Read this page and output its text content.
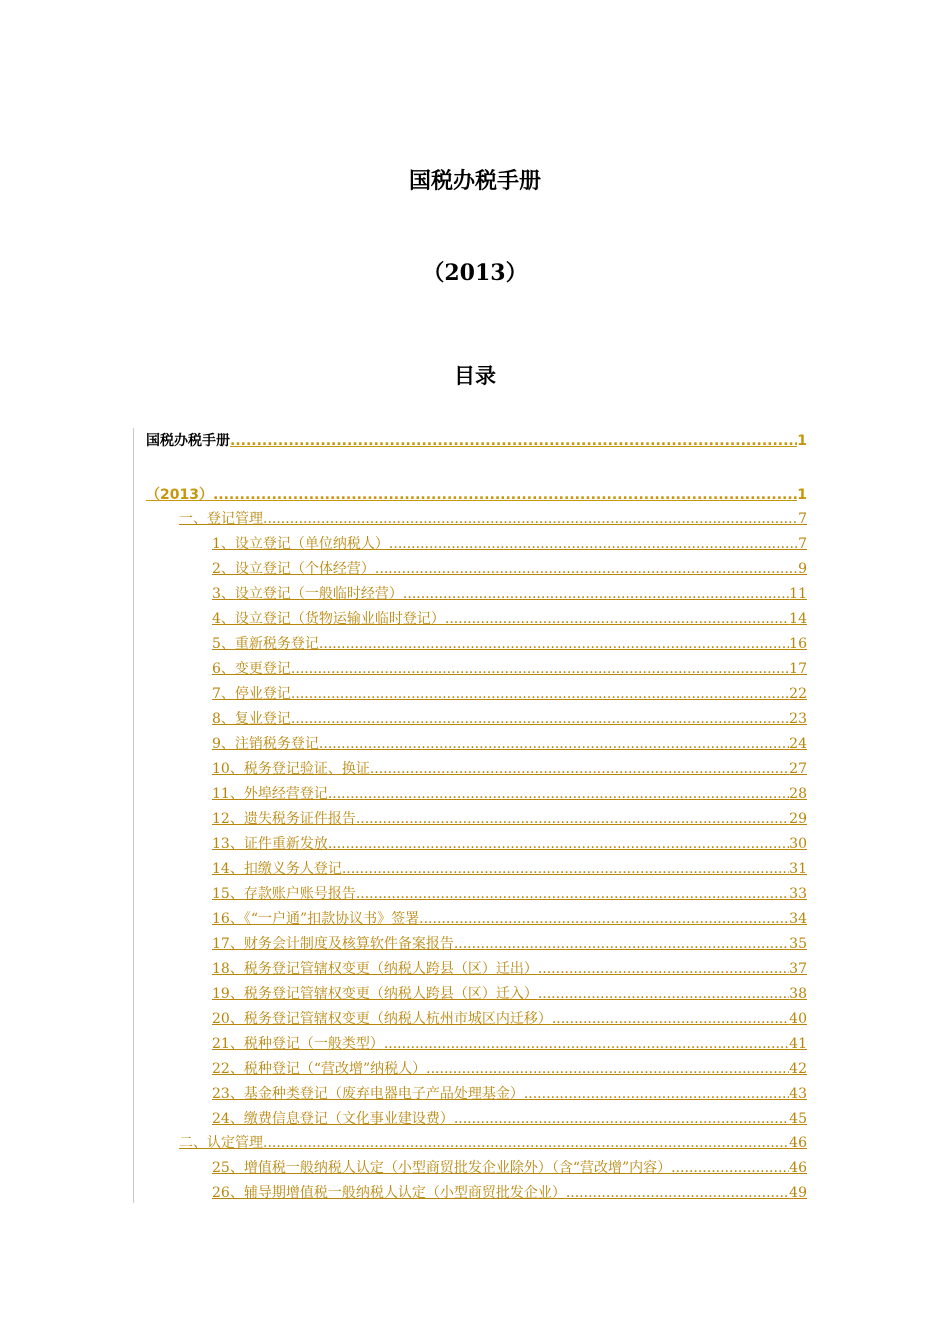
国税办税手册
（2013）
目录
国税办税手册 .....	1
（2013） .....	1
一、登记管理 .....	7
1、设立登记（单位纳税人） .....	7
2、设立登记（个体经营） .....	9
3、设立登记（一般临时经营） .....	11
4、设立登记（货物运输业临时登记） .....	14
5、重新税务登记 .....	16
6、变更登记 .....	17
7、停业登记 .....	22
8、复业登记 .....	23
9、注销税务登记 .....	24
10、税务登记验证、换证 .....	27
11、外埠经营登记 .....	28
12、遗失税务证件报告 .....	29
13、证件重新发放 .....	30
14、扣缴义务人登记 .....	31
15、存款账户账号报告 .....	33
16、《“一户通”扣款协议书》签署 .....	34
17、财务会计制度及核算软件备案报告 .....	35
18、税务登记管辖权变更（纳税人跨县（区）迁出） .....	37
19、税务登记管辖权变更（纳税人跨县（区）迁入） .....	38
20、税务登记管辖权变更（纳税人杭州市城区内迁移） .....	40
21、税种登记（一般类型） .....	41
22、税种登记（“营改增”纳税人） .....	42
23、基金种类登记（废弃电器电子产品处理基金） .....	43
24、缴费信息登记（文化事业建设费） .....	45
二、认定管理 .....	46
25、增值税一般纳税人认定（小型商贸批发企业除外）（含“营改增”内容） .....	46
26、辅导期增值税一般纳税人认定（小型商贸批发企业） .....	49
